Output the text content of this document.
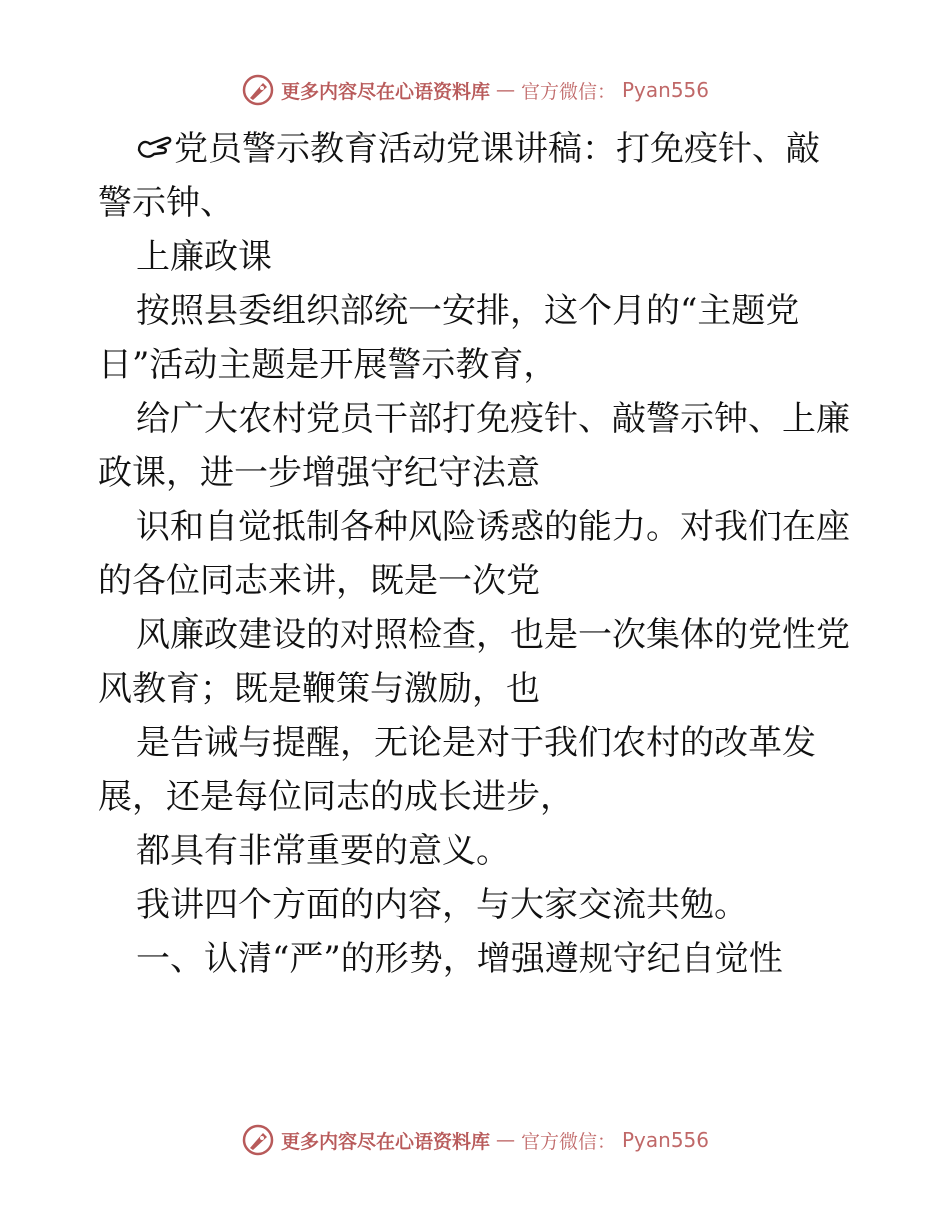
更多内容尽在心语资料库 — 官方微信： Pyan556

党员警示教育活动党课讲稿：打免疫针、敲
警示钟、

上廉政课

按照县委组织部统一安排，这个月的“主题党
日”活动主题是开展警示教育，

给广大农村党员干部打免疫针、敲警示钟、上廉
政课，进一步增强守纪守法意

识和自觉抵制各种风险诱惑的能力。对我们在座
的各位同志来讲，既是一次党

风廉政建设的对照检查，也是一次集体的党性党
风教育；既是鞭策与激励，也

是告诫与提醒，无论是对于我们农村的改革发
展，还是每位同志的成长进步，

都具有非常重要的意义。

我讲四个方面的内容，与大家交流共勉。

一、认清“严”的形势，增强遵规守纪自觉性

更多内容尽在心语资料库 — 官方微信： Pyan556
